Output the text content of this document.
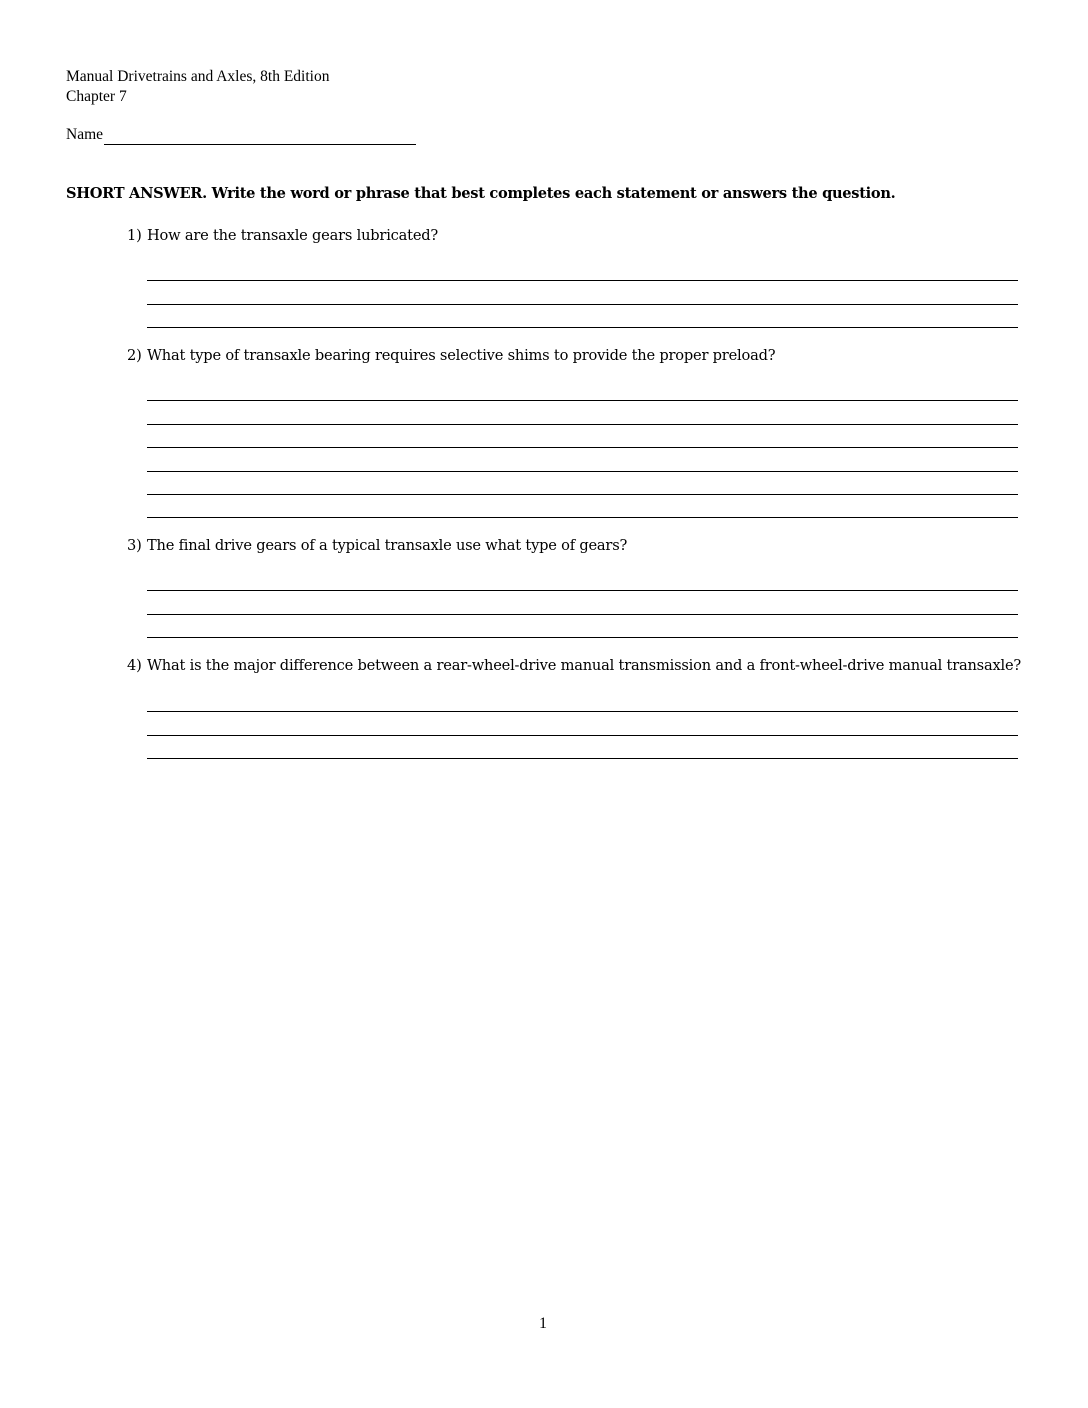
Manual Drivetrains and Axles, 8th Edition
Chapter 7
Name
SHORT ANSWER. Write the word or phrase that best completes each statement or answers the question.
1) How are the transaxle gears lubricated?
2) What type of transaxle bearing requires selective shims to provide the proper preload?
3) The final drive gears of a typical transaxle use what type of gears?
4) What is the major difference between a rear-wheel-drive manual transmission and a front-wheel-drive manual transaxle?
1
